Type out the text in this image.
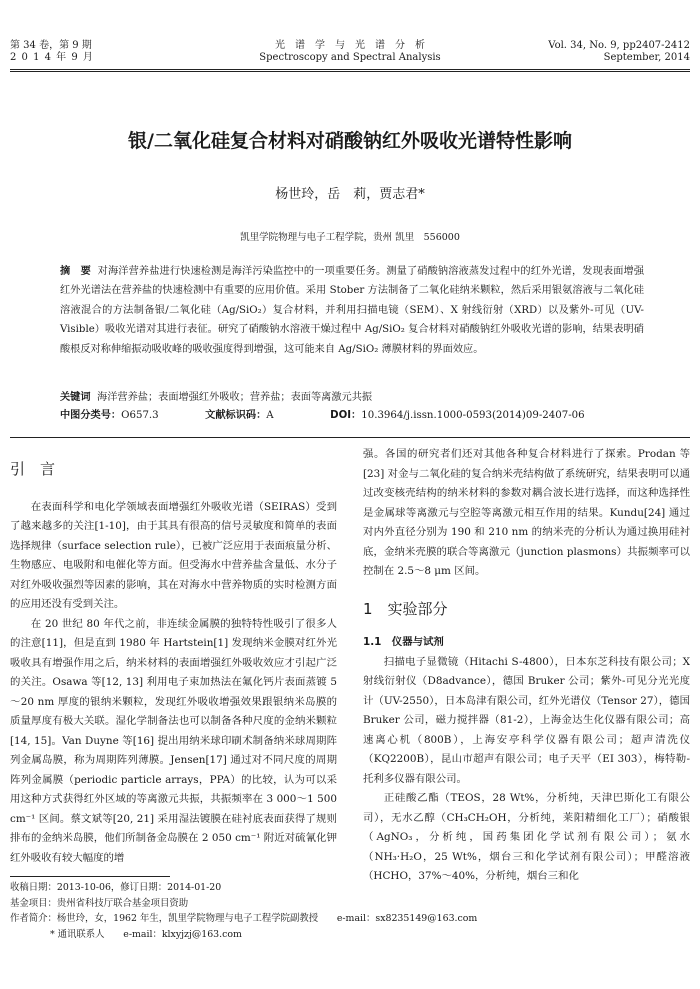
第 34 卷，第 9 期
2 0 1 4 年 9 月
光　谱　学　与　光　谱　分　析
Spectroscopy and Spectral Analysis
Vol. 34, No. 9, pp2407-2412
September, 2014
银/二氧化硅复合材料对硝酸钠红外吸收光谱特性影响
杨世玲，岳　莉，贾志君*
凯里学院物理与电子工程学院，贵州 凯里　556000
摘　要 对海洋营养盐进行快速检测是海洋污染监控中的一项重要任务。测量了硝酸钠溶液蒸发过程中的红外光谱，发现表面增强红外光谱法在营养盐的快速检测中有重要的应用价值。采用 Stober 方法制备了二氧化硅纳米颗粒，然后采用银氨溶液与二氧化硅溶液混合的方法制备银/二氧化硅（Ag/SiO₂）复合材料，并利用扫描电镜（SEM）、X 射线衍射（XRD）以及紫外-可见（UV-Visible）吸收光谱对其进行表征。研究了硝酸钠水溶液干燥过程中 Ag/SiO₂ 复合材料对硝酸钠红外吸收光谱的影响，结果表明硝酸根反对称伸缩振动吸收峰的吸收强度得到增强，这可能来自 Ag/SiO₂ 薄膜材料的界面效应。
关键词 海洋营养盐；表面增强红外吸收；营养盐；表面等离激元共振
中图分类号：O657.3	文献标识码：A	DOI：10.3964/j.issn.1000-0593(2014)09-2407-06

引　言

在表面科学和电化学领域表面增强红外吸收光谱（SEIRAS）受到了越来越多的关注[1-10]，由于其具有很高的信号灵敏度和简单的表面选择规律（surface selection rule），已被广泛应用于表面痕量分析、生物感应、电吸附和电催化等方面。但受海水中营养盐含量低、水分子对红外吸收强烈等因素的影响，其在对海水中营养物质的实时检测方面的应用还没有受到关注。

在 20 世纪 80 年代之前，非连续金属膜的独特特性吸引了很多人的注意[11]，但是直到 1980 年 Hartstein[1] 发现纳米金膜对红外光吸收具有增强作用之后，纳米材料的表面增强红外吸收效应才引起广泛的关注。Osawa 等[12, 13] 利用电子束加热法在氟化钙片表面蒸镀 5～20 nm 厚度的银纳米颗粒，发现红外吸收增强效果跟银纳米岛膜的质量厚度有极大关联。湿化学制备法也可以制备各种尺度的金纳米颗粒[14, 15]。Van Duyne 等[16] 提出用纳米球印刷术制备纳米球周期阵列金属岛膜，称为周期阵列薄膜。Jensen[17] 通过对不同尺度的周期阵列金属膜（periodic particle arrays，PPA）的比较，认为可以采用这种方式获得红外区域的等离激元共振，共振频率在 3 000～1 500 cm⁻¹ 区间。蔡文斌等[20, 21] 采用湿法镀膜在硅衬底表面获得了规则排布的金纳米岛膜，他们所制备金岛膜在 2 050 cm⁻¹ 附近对硫氰化钾红外吸收有较大幅度的增

强。各国的研究者们还对其他各种复合材料进行了探索。Prodan 等[23] 对金与二氧化硅的复合纳米壳结构做了系统研究，结果表明可以通过改变核壳结构的纳米材料的参数对耦合波长进行选择，而这种选择性是金属球等离激元与空腔等离激元相互作用的结果。Kundu[24] 通过对内外直径分别为 190 和 210 nm 的纳米壳的分析认为通过换用硅衬底，金纳米壳膜的联合等离激元（junction plasmons）共振频率可以控制在 2.5～8 μm 区间。

1　实验部分

1.1　仪器与试剂

扫描电子显微镜（Hitachi S-4800），日本东芝科技有限公司；X 射线衍射仪（D8advance），德国 Bruker 公司；紫外-可见分光光度计（UV-2550），日本岛津有限公司，红外光谱仪（Tensor 27），德国 Bruker 公司，磁力搅拌器（81-2），上海金达生化仪器有限公司；高速离心机（800B），上海安亭科学仪器有限公司；超声清洗仪（KQ2200B），昆山市超声有限公司；电子天平（EI 303），梅特勒-托利多仪器有限公司。

正硅酸乙酯（TEOS，28 Wt%，分析纯，天津巴斯化工有限公司），无水乙醇（CH₃CH₂OH，分析纯，莱阳精细化工厂）；硝酸银（AgNO₃，分析纯，国药集团化学试剂有限公司）；氨水（NH₃·H₂O，25 Wt%，烟台三和化学试剂有限公司）；甲醛溶液（HCHO，37%～40%，分析纯，烟台三和化

收稿日期：2013-10-06，修订日期：2014-01-20
基金项目：贵州省科技厅联合基金项目资助
作者简介：杨世玲，女，1962 年生，凯里学院物理与电子工程学院副教授　　e-mail：sx8235149@163.com
* 通讯联系人　　e-mail：klxyjzj@163.com
